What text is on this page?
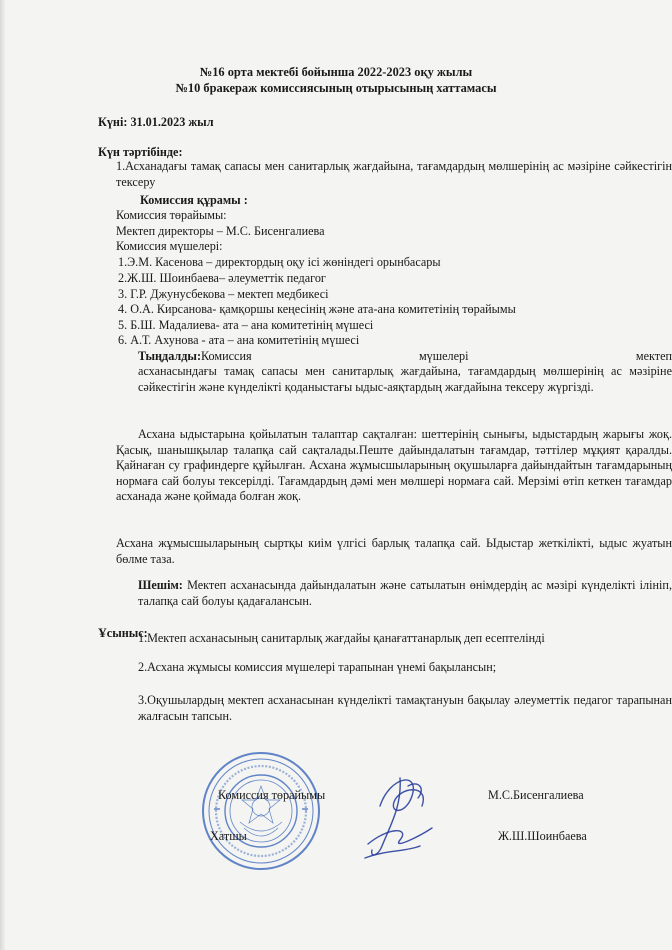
№16 орта мектебі бойынша 2022-2023 оқу жылы
№10 бракераж комиссиясының отырысының хаттамасы
Күні: 31.01.2023 жыл
Күн тәртібінде:
1.Асханадағы тамақ сапасы мен санитарлық жағдайына, тағамдардың мөлшерінің ас мәзіріне сәйкестігін тексеру
Комиссия құрамы :
Комиссия төрайымы:
Мектеп директоры – М.С. Бисенгалиева
Комиссия мүшелері:
1.Э.М. Касенова – директордың оқу ісі жөніндегі орынбасары
2.Ж.Ш. Шоинбаева– әлеуметтік педагог
3. Г.Р. Джунусбекова – мектеп медбикесі
4. О.А. Кирсанова- қамқоршы кеңесінің және ата-ана комитетінің төрайымы
5. Б.Ш. Мадалиева- ата – ана комитетінің мүшесі
6. А.Т. Ахунова - ата – ана комитетінің мүшесі
Тыңдалды:Комиссия	мүшелері	мектеп
асханасындағы тамақ сапасы мен санитарлық жағдайына, тағамдардың мөлшерінің ас мәзіріне сәйкестігін және күнделікті қоданыстағы ыдыс-аяқтардың жағдайына тексеру жүргізді.
Асхана ыдыстарына қойылатын талаптар сақталған: шеттерінің сынығы, ыдыстардың жарығы жоқ. Қасық, шанышқылар талапқа сай сақталады.Пеште дайындалатын тағамдар, тәттілер мұқият қаралды. Қайнаған су графиндерге құйылған. Асхана жұмысшыларының оқушыларға дайындайтын тағамдарының нормаға сай болуы тексерілді. Тағамдардың дәмі мен мөлшері нормаға сай. Мерзімі өтіп кеткен тағамдар асханада және қоймада болған жоқ.
Асхана жұмысшыларының сыртқы киім үлгісі барлық талапқа сай. Ыдыстар жеткілікті, ыдыс жуатын бөлме таза.
Шешім: Мектеп асханасында дайындалатын және сатылатын өнімдердің ас мәзірі күнделікті ілініп, талапқа сай болуы қадағалансын.
Ұсыныс:
1.Мектеп асханасының санитарлық жағдайы қанағаттанарлық деп есептелінді
2.Асхана жұмысы комиссия мүшелері тарапынан үнемі бақылансын;
3.Оқушылардың мектеп асханасынан күнделікті тамақтануын бақылау әлеуметтік педагог тарапынан жалғасын тапсын.
Комиссия төрайымы	М.С.Бисенгалиева
Хатшы	Ж.Ш.Шоинбаева
